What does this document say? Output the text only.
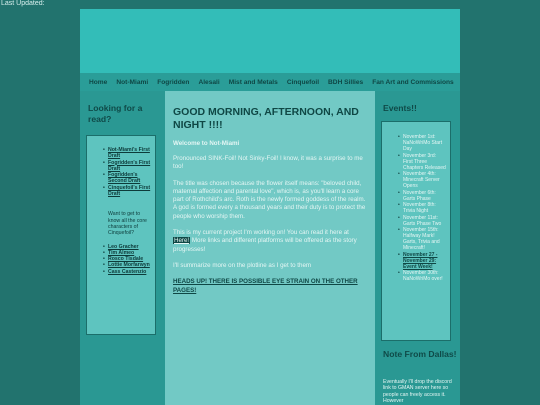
Last Updated:
Home Not-Miami Fogridden Alesali Mist and Metals Cinquefoil BDH Sillies Fan Art and Commissions
Looking for a read?
• Not-Miami's First Draft
• Fogridden's First Draft
• Fogridden's Second Draft
• Cinquefoil's First Draft
Want to get to know all the core characters of Cinquefoil?
• Leo Gracher
• Tim Almeo
• Rosco Tisdale
• Lottie Morfarwyn
• Cass Castenzio
GOOD MORNING, AFTERNOON, AND NIGHT !!!!
Welcome to Not-Miami

Pronounced SINK-Foil! Not Sinky-Foil! I know, it was a surprise to me too!

The title was chosen because the flower itself means: "beloved child, maternal affection and parental love", which is, as you'll learn a core part of Rothchild's arc. Roth is the newly formed goddess of the realm. A god is formed every a thousand years and their duty is to protect the people who worship them.

This is my current project I'm working on! You can read it here at Here! More links and different platforms will be offered as the story progresses!

I'll summarize more on the plotline as I get to them

HEADS UP! THERE IS POSSIBLE EYE STRAIN ON THE OTHER PAGES!

Events!!
• November 1st: NaNoWriMo Start Day
• November 3rd: First Three Chapters Released
• November 4th: Minecraft Server Opens
• November 6th: Garts Phase
• November 8th: Trivia Night
• November 11st: Garts Phase Two
• November 15th: Halfway Mark! Garts, Trivia and Minecraft!
• November 27 - November 29: Event Week!
• November 30th: NaNoWriMo over!
Note From Dallas!
Eventually I'll drop the discord link to GMAN server here so people can freely access it. However
